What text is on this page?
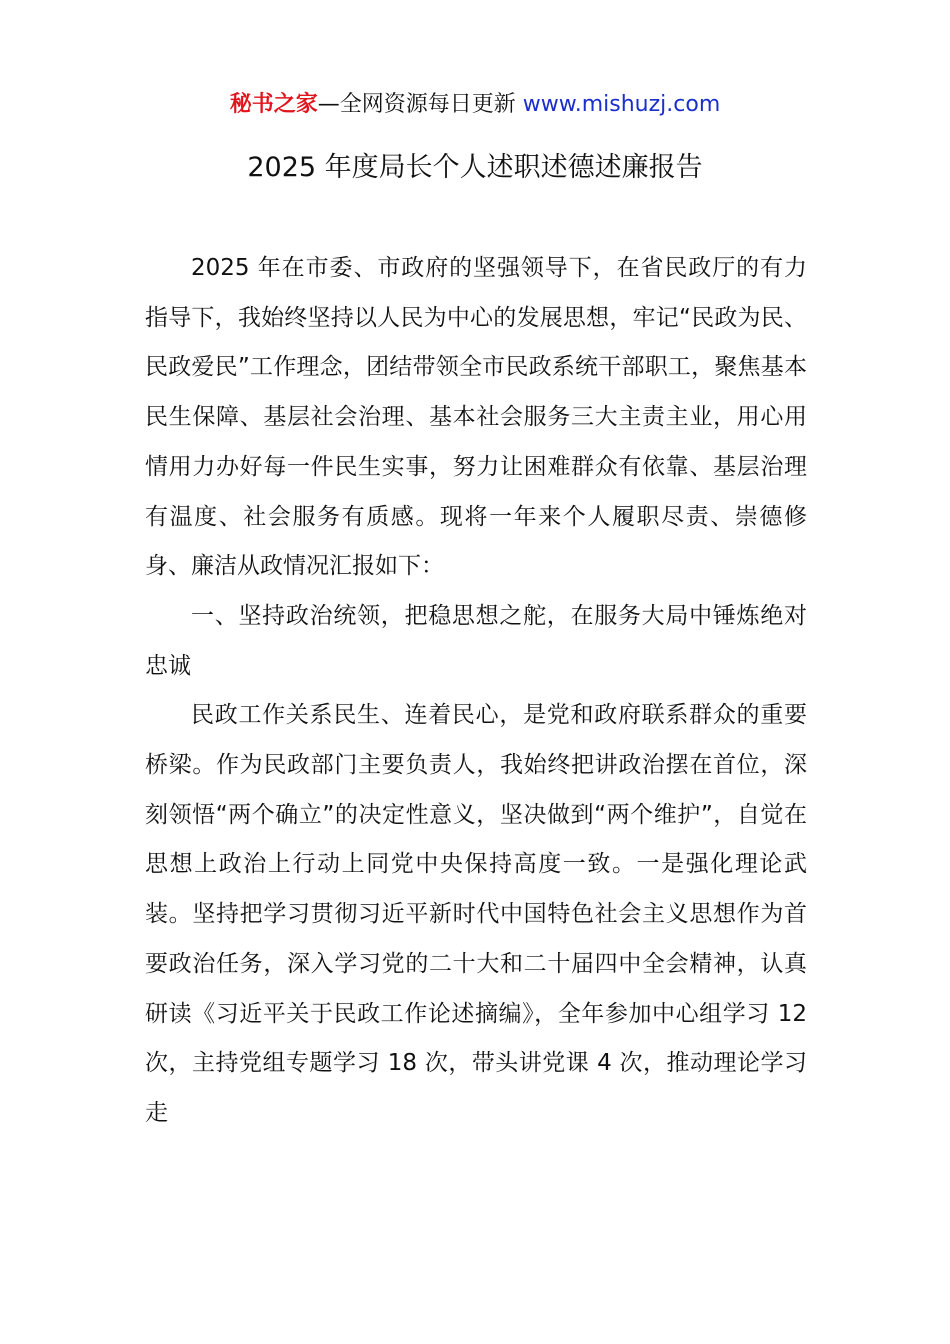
秘书之家—全网资源每日更新 www.mishuzj.com
2025 年度局长个人述职述德述廉报告

2025 年在市委、市政府的坚强领导下，在省民政厅的有力指导下，我始终坚持以人民为中心的发展思想，牢记“民政为民、民政爱民”工作理念，团结带领全市民政系统干部职工，聚焦基本民生保障、基层社会治理、基本社会服务三大主责主业，用心用情用力办好每一件民生实事，努力让困难群众有依靠、基层治理有温度、社会服务有质感。现将一年来个人履职尽责、崇德修身、廉洁从政情况汇报如下：

一、坚持政治统领，把稳思想之舵，在服务大局中锤炼绝对忠诚

民政工作关系民生、连着民心，是党和政府联系群众的重要桥梁。作为民政部门主要负责人，我始终把讲政治摆在首位，深刻领悟“两个确立”的决定性意义，坚决做到“两个维护”，自觉在思想上政治上行动上同党中央保持高度一致。一是强化理论武装。坚持把学习贯彻习近平新时代中国特色社会主义思想作为首要政治任务，深入学习党的二十大和二十届四中全会精神，认真研读《习近平关于民政工作论述摘编》，全年参加中心组学习 12 次，主持党组专题学习 18 次，带头讲党课 4 次，推动理论学习走
